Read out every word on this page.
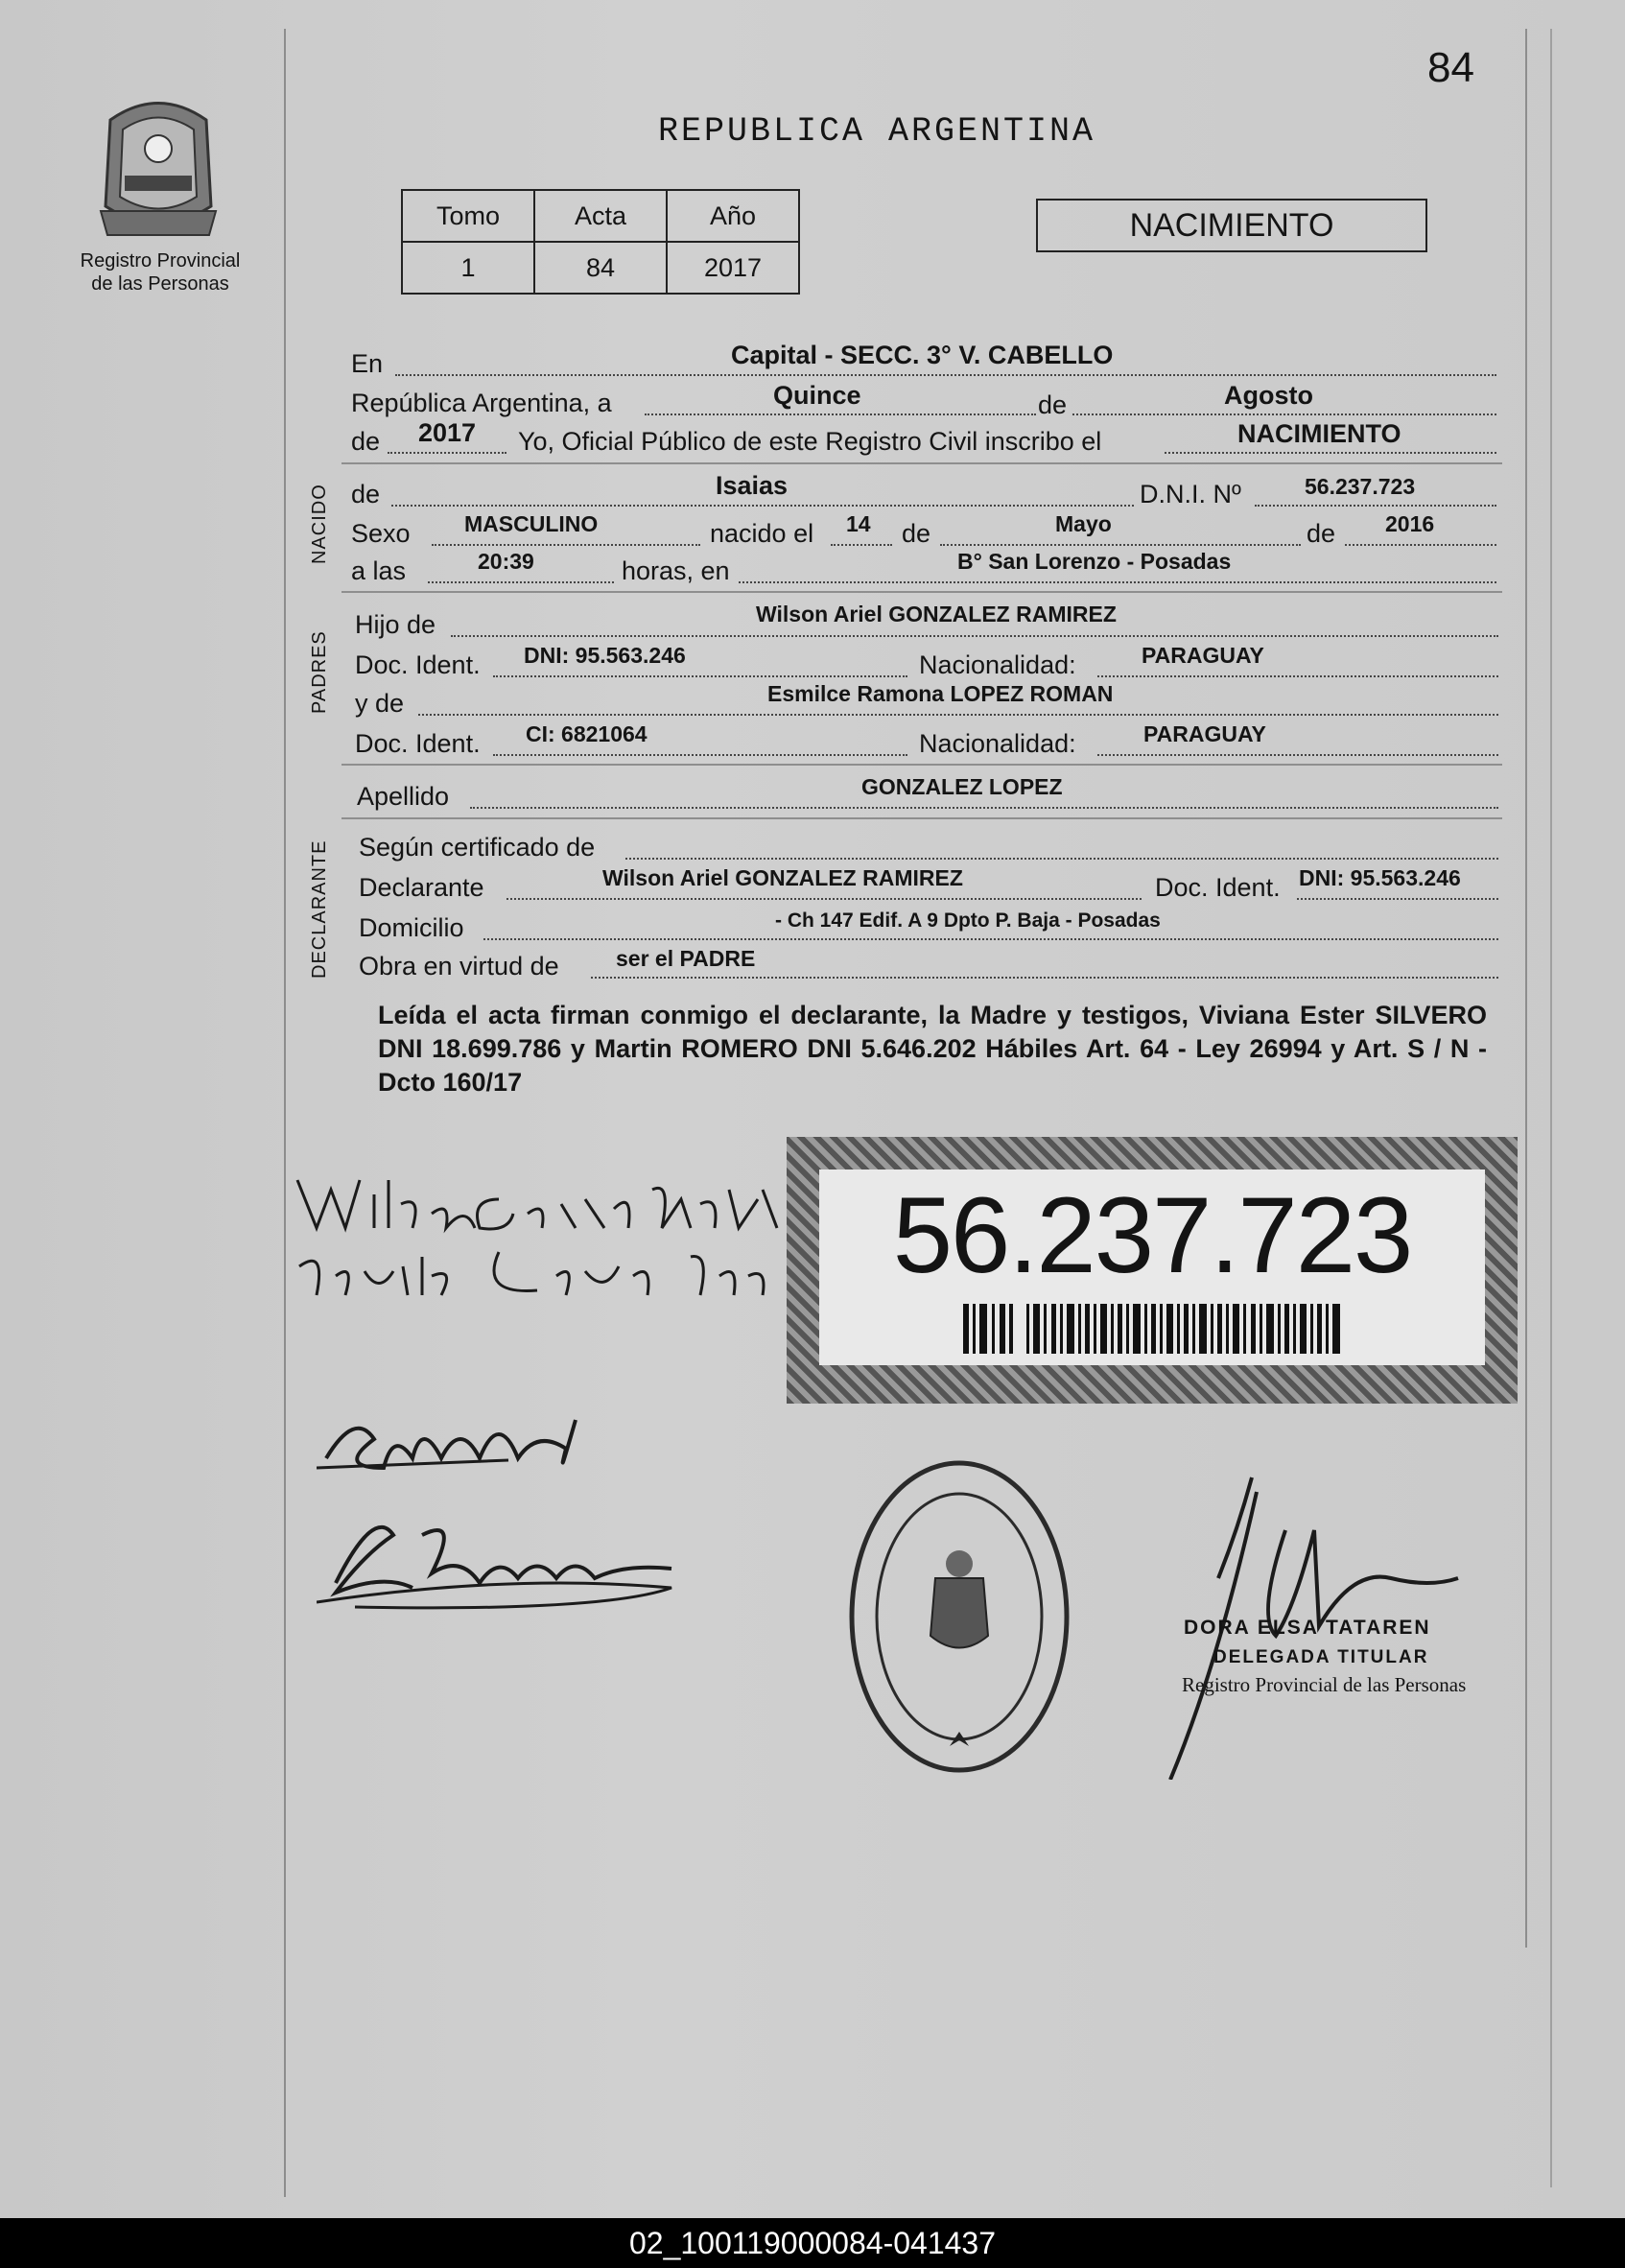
84
REPUBLICA ARGENTINA
Registro Provincial
de las Personas
Tomo	Acta	Año
1	84	2017
NACIMIENTO
En	Capital - SECC. 3° V. CABELLO
República Argentina, a	Quince	de	Agosto
de 2017 Yo, Oficial Público de este Registro Civil inscribo el	NACIMIENTO
NACIDO de	Isaias	D.N.I. Nº	56.237.723
Sexo MASCULINO	nacido el 14 de	Mayo	de 2016
a las	20:39	horas, en	B° San Lorenzo - Posadas
PADRES
Hijo de	Wilson Ariel GONZALEZ RAMIREZ
Doc. Ident. DNI: 95.563.246	Nacionalidad:	PARAGUAY
y de	Esmilce Ramona LOPEZ ROMAN
Doc. Ident. CI: 6821064	Nacionalidad:	PARAGUAY
Apellido	GONZALEZ LOPEZ
DECLARANTE Según certificado de
Declarante	Wilson Ariel GONZALEZ RAMIREZ	Doc. Ident. DNI: 95.563.246
Domicilio	- Ch 147 Edif. A 9 Dpto P. Baja - Posadas
Obra en virtud de	ser el PADRE
Leída el acta firman conmigo el declarante, la Madre y testigos, Viviana Ester SILVERO DNI 18.699.786 y Martin ROMERO DNI 5.646.202 Hábiles Art. 64 - Ley 26994 y Art. S / N - Dcto 160/17
56.237.723
DORA ELSA TATAREN
DELEGADA TITULAR
Registro Provincial de las Personas
02_100119000084-041437
